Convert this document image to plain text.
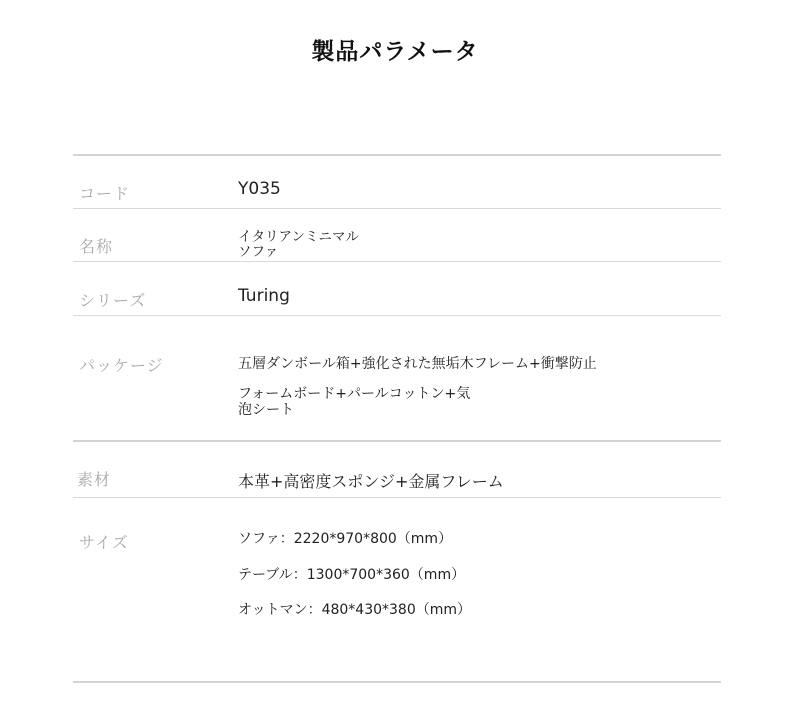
製品パラメータ
コード	Y035
名称	イタリアンミニマル
ソファ
シリーズ	Turing
パッケージ	五層ダンボール箱+強化された無垢木フレーム+衝撃防止
フォームボード+パールコットン+気
泡シート
素材	本革+高密度スポンジ+金属フレーム
サイズ	ソファ：2220*970*800（mm）
テーブル：1300*700*360（mm）
オットマン：480*430*380（mm）
